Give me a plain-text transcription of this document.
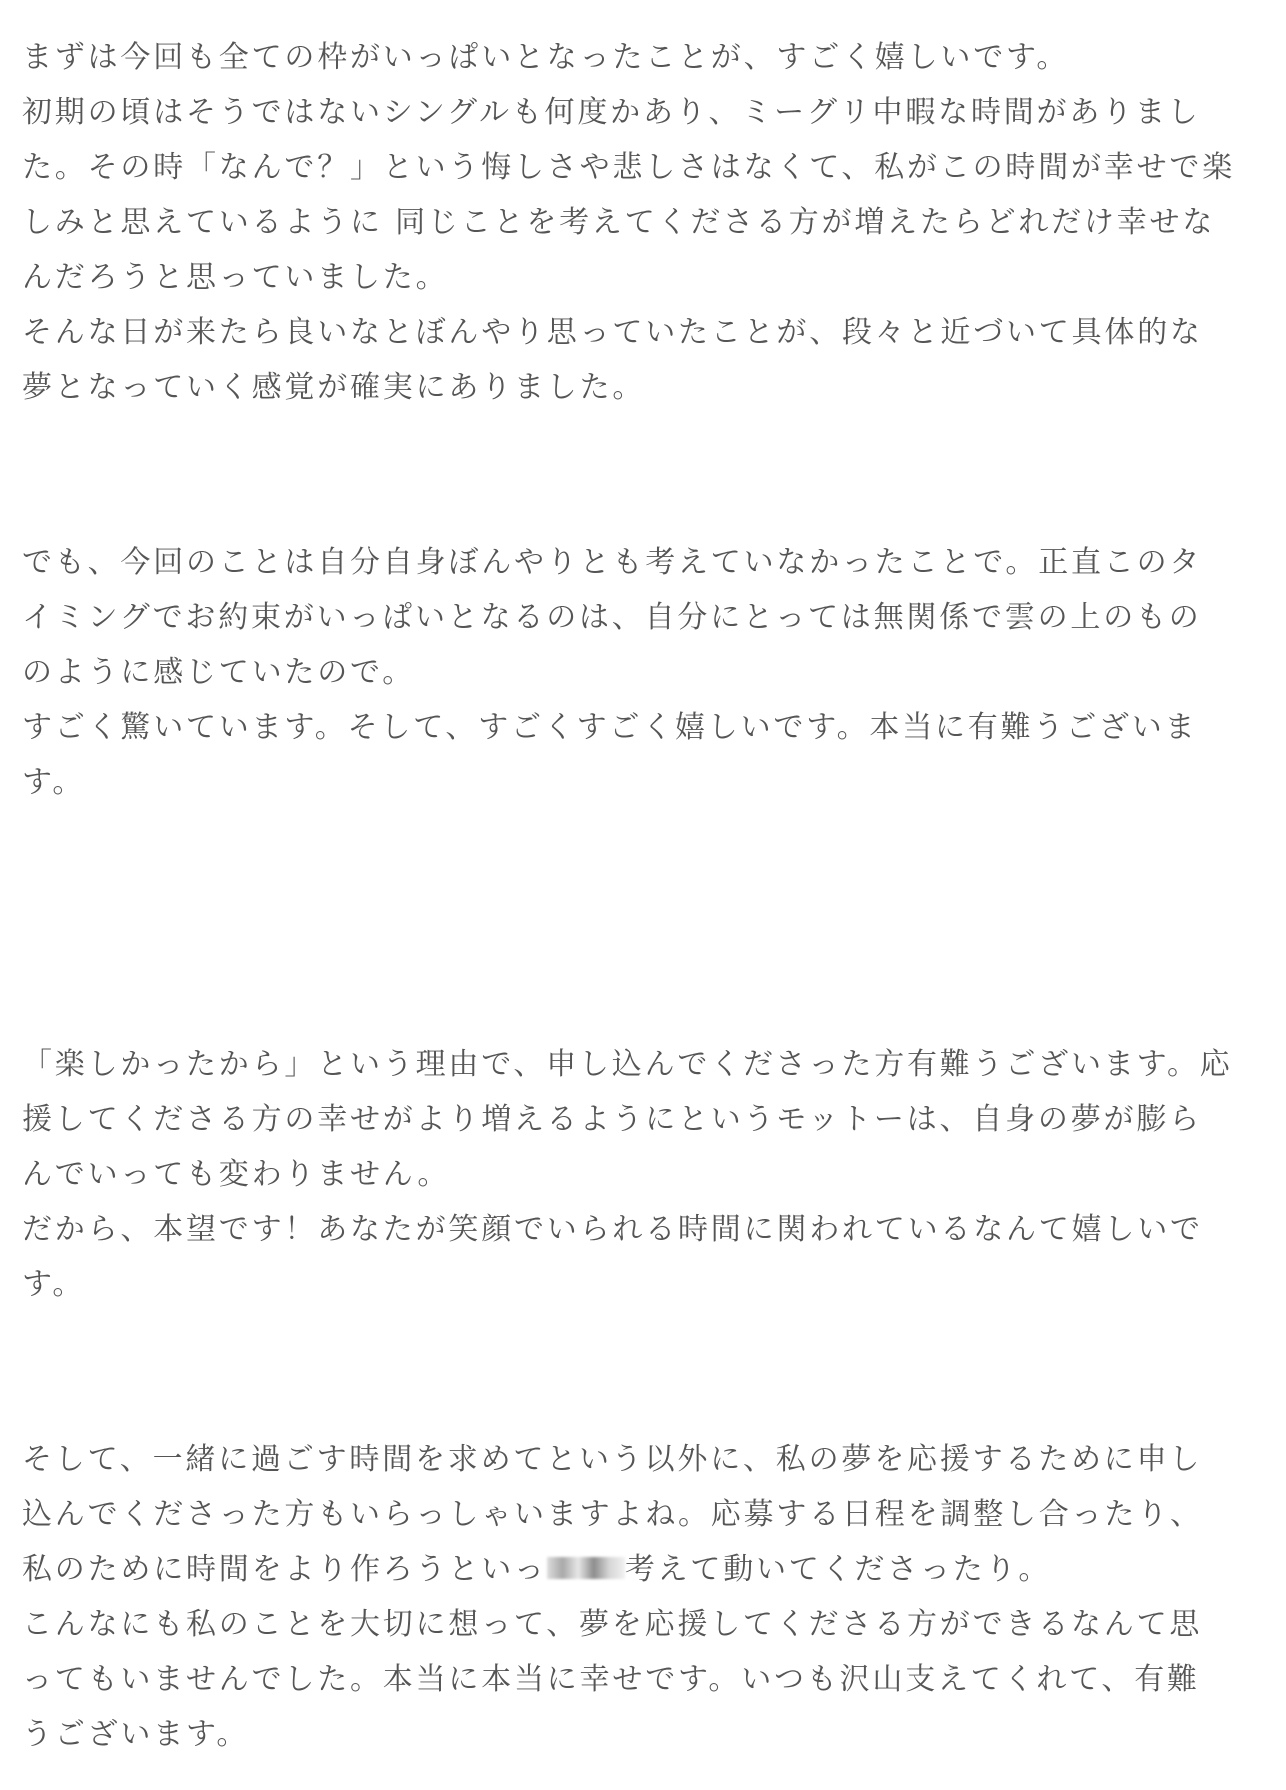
まずは今回も全ての枠がいっぱいとなったことが、すごく嬉しいです。
初期の頃はそうではないシングルも何度かあり、ミーグリ中暇な時間がありまし
た。その時「なんで？」という悔しさや悲しさはなくて、私がこの時間が幸せで楽
しみと思えているように 同じことを考えてくださる方が増えたらどれだけ幸せな
んだろうと思っていました。
そんな日が来たら良いなとぼんやり思っていたことが、段々と近づいて具体的な
夢となっていく感覚が確実にありました。

でも、今回のことは自分自身ぼんやりとも考えていなかったことで。正直このタ
イミングでお約束がいっぱいとなるのは、自分にとっては無関係で雲の上のもの
のように感じていたので。
すごく驚いています。そして、すごくすごく嬉しいです。本当に有難うございま
す。

「楽しかったから」という理由で、申し込んでくださった方有難うございます。応
援してくださる方の幸せがより増えるようにというモットーは、自身の夢が膨ら
んでいっても変わりません。
だから、本望です！あなたが笑顔でいられる時間に関われているなんて嬉しいで
す。

そして、一緒に過ごす時間を求めてという以外に、私の夢を応援するために申し
込んでくださった方もいらっしゃいますよね。応募する日程を調整し合ったり、
私のために時間をより作ろうといっ	考えて動いてくださったり。
こんなにも私のことを大切に想って、夢を応援してくださる方ができるなんて思
ってもいませんでした。本当に本当に幸せです。いつも沢山支えてくれて、有難
うございます。
